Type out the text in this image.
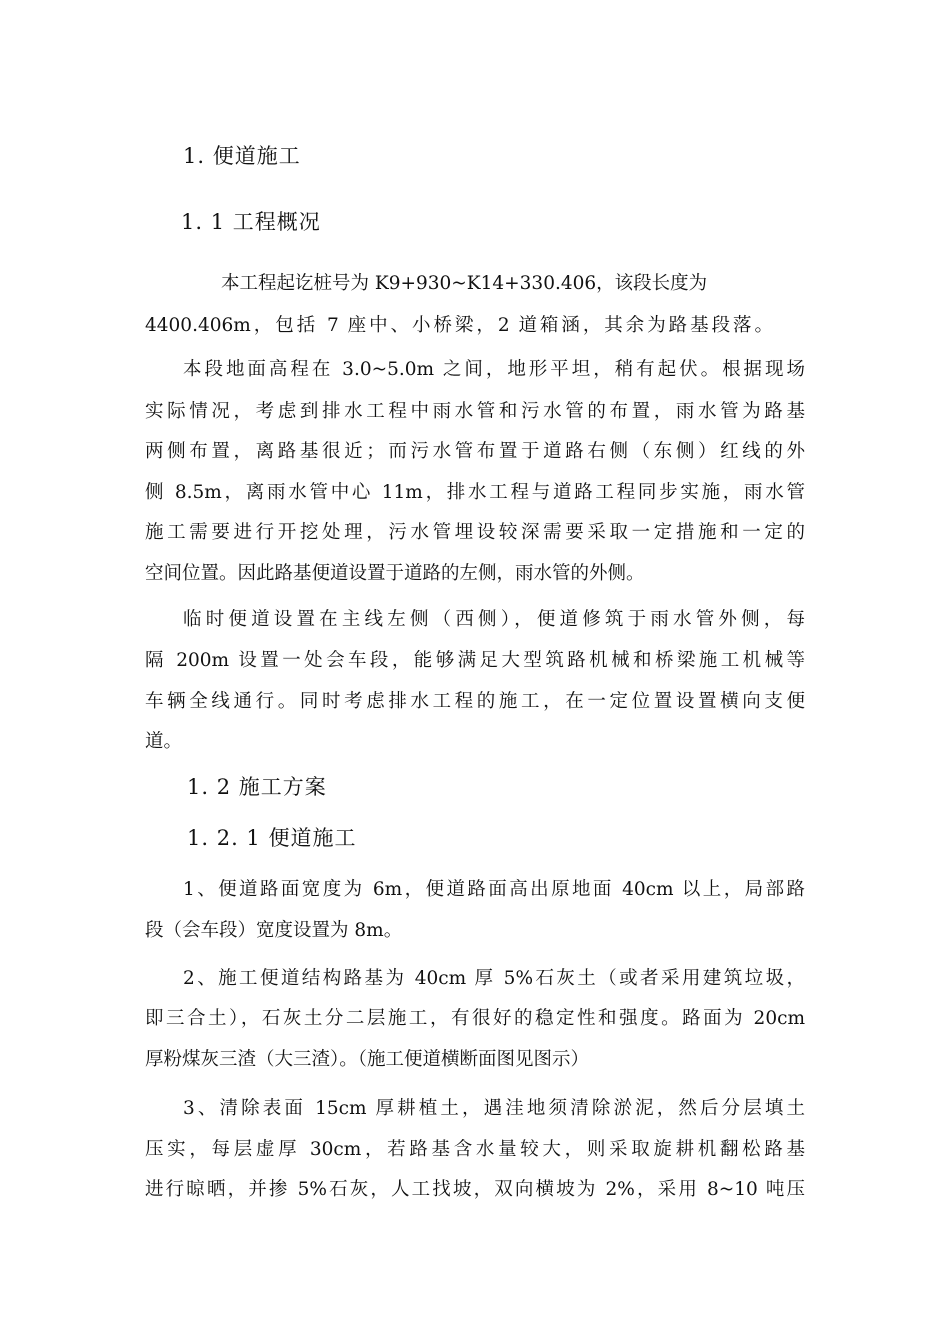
1. 便道施工
1. 1 工程概况

本工程起讫桩号为 K9+930~K14+330.406，该段长度为

4400.406m，包括 7 座中、小桥梁，2 道箱涵，其余为路基段落。

本段地面高程在 3.0~5.0m 之间，地形平坦，稍有起伏。根据现场

实际情况，考虑到排水工程中雨水管和污水管的布置，雨水管为路基

两侧布置，离路基很近；而污水管布置于道路右侧（东侧）红线的外

侧 8.5m，离雨水管中心 11m，排水工程与道路工程同步实施，雨水管

施工需要进行开挖处理，污水管埋设较深需要采取一定措施和一定的

空间位置。因此路基便道设置于道路的左侧，雨水管的外侧。

临时便道设置在主线左侧（西侧），便道修筑于雨水管外侧，每

隔 200m 设置一处会车段，能够满足大型筑路机械和桥梁施工机械等

车辆全线通行。同时考虑排水工程的施工，在一定位置设置横向支便

道。

1. 2 施工方案
1. 2. 1 便道施工

1、便道路面宽度为 6m，便道路面高出原地面 40cm 以上，局部路

段（会车段）宽度设置为 8m。

2、施工便道结构路基为 40cm 厚 5%石灰土（或者采用建筑垃圾，

即三合土），石灰土分二层施工，有很好的稳定性和强度。路面为 20cm

厚粉煤灰三渣（大三渣）。（施工便道横断面图见图示）

3、清除表面 15cm 厚耕植土，遇洼地须清除淤泥，然后分层填土

压实，每层虚厚 30cm，若路基含水量较大，则采取旋耕机翻松路基

进行晾晒，并掺 5%石灰，人工找坡，双向横坡为 2%，采用 8~10 吨压
